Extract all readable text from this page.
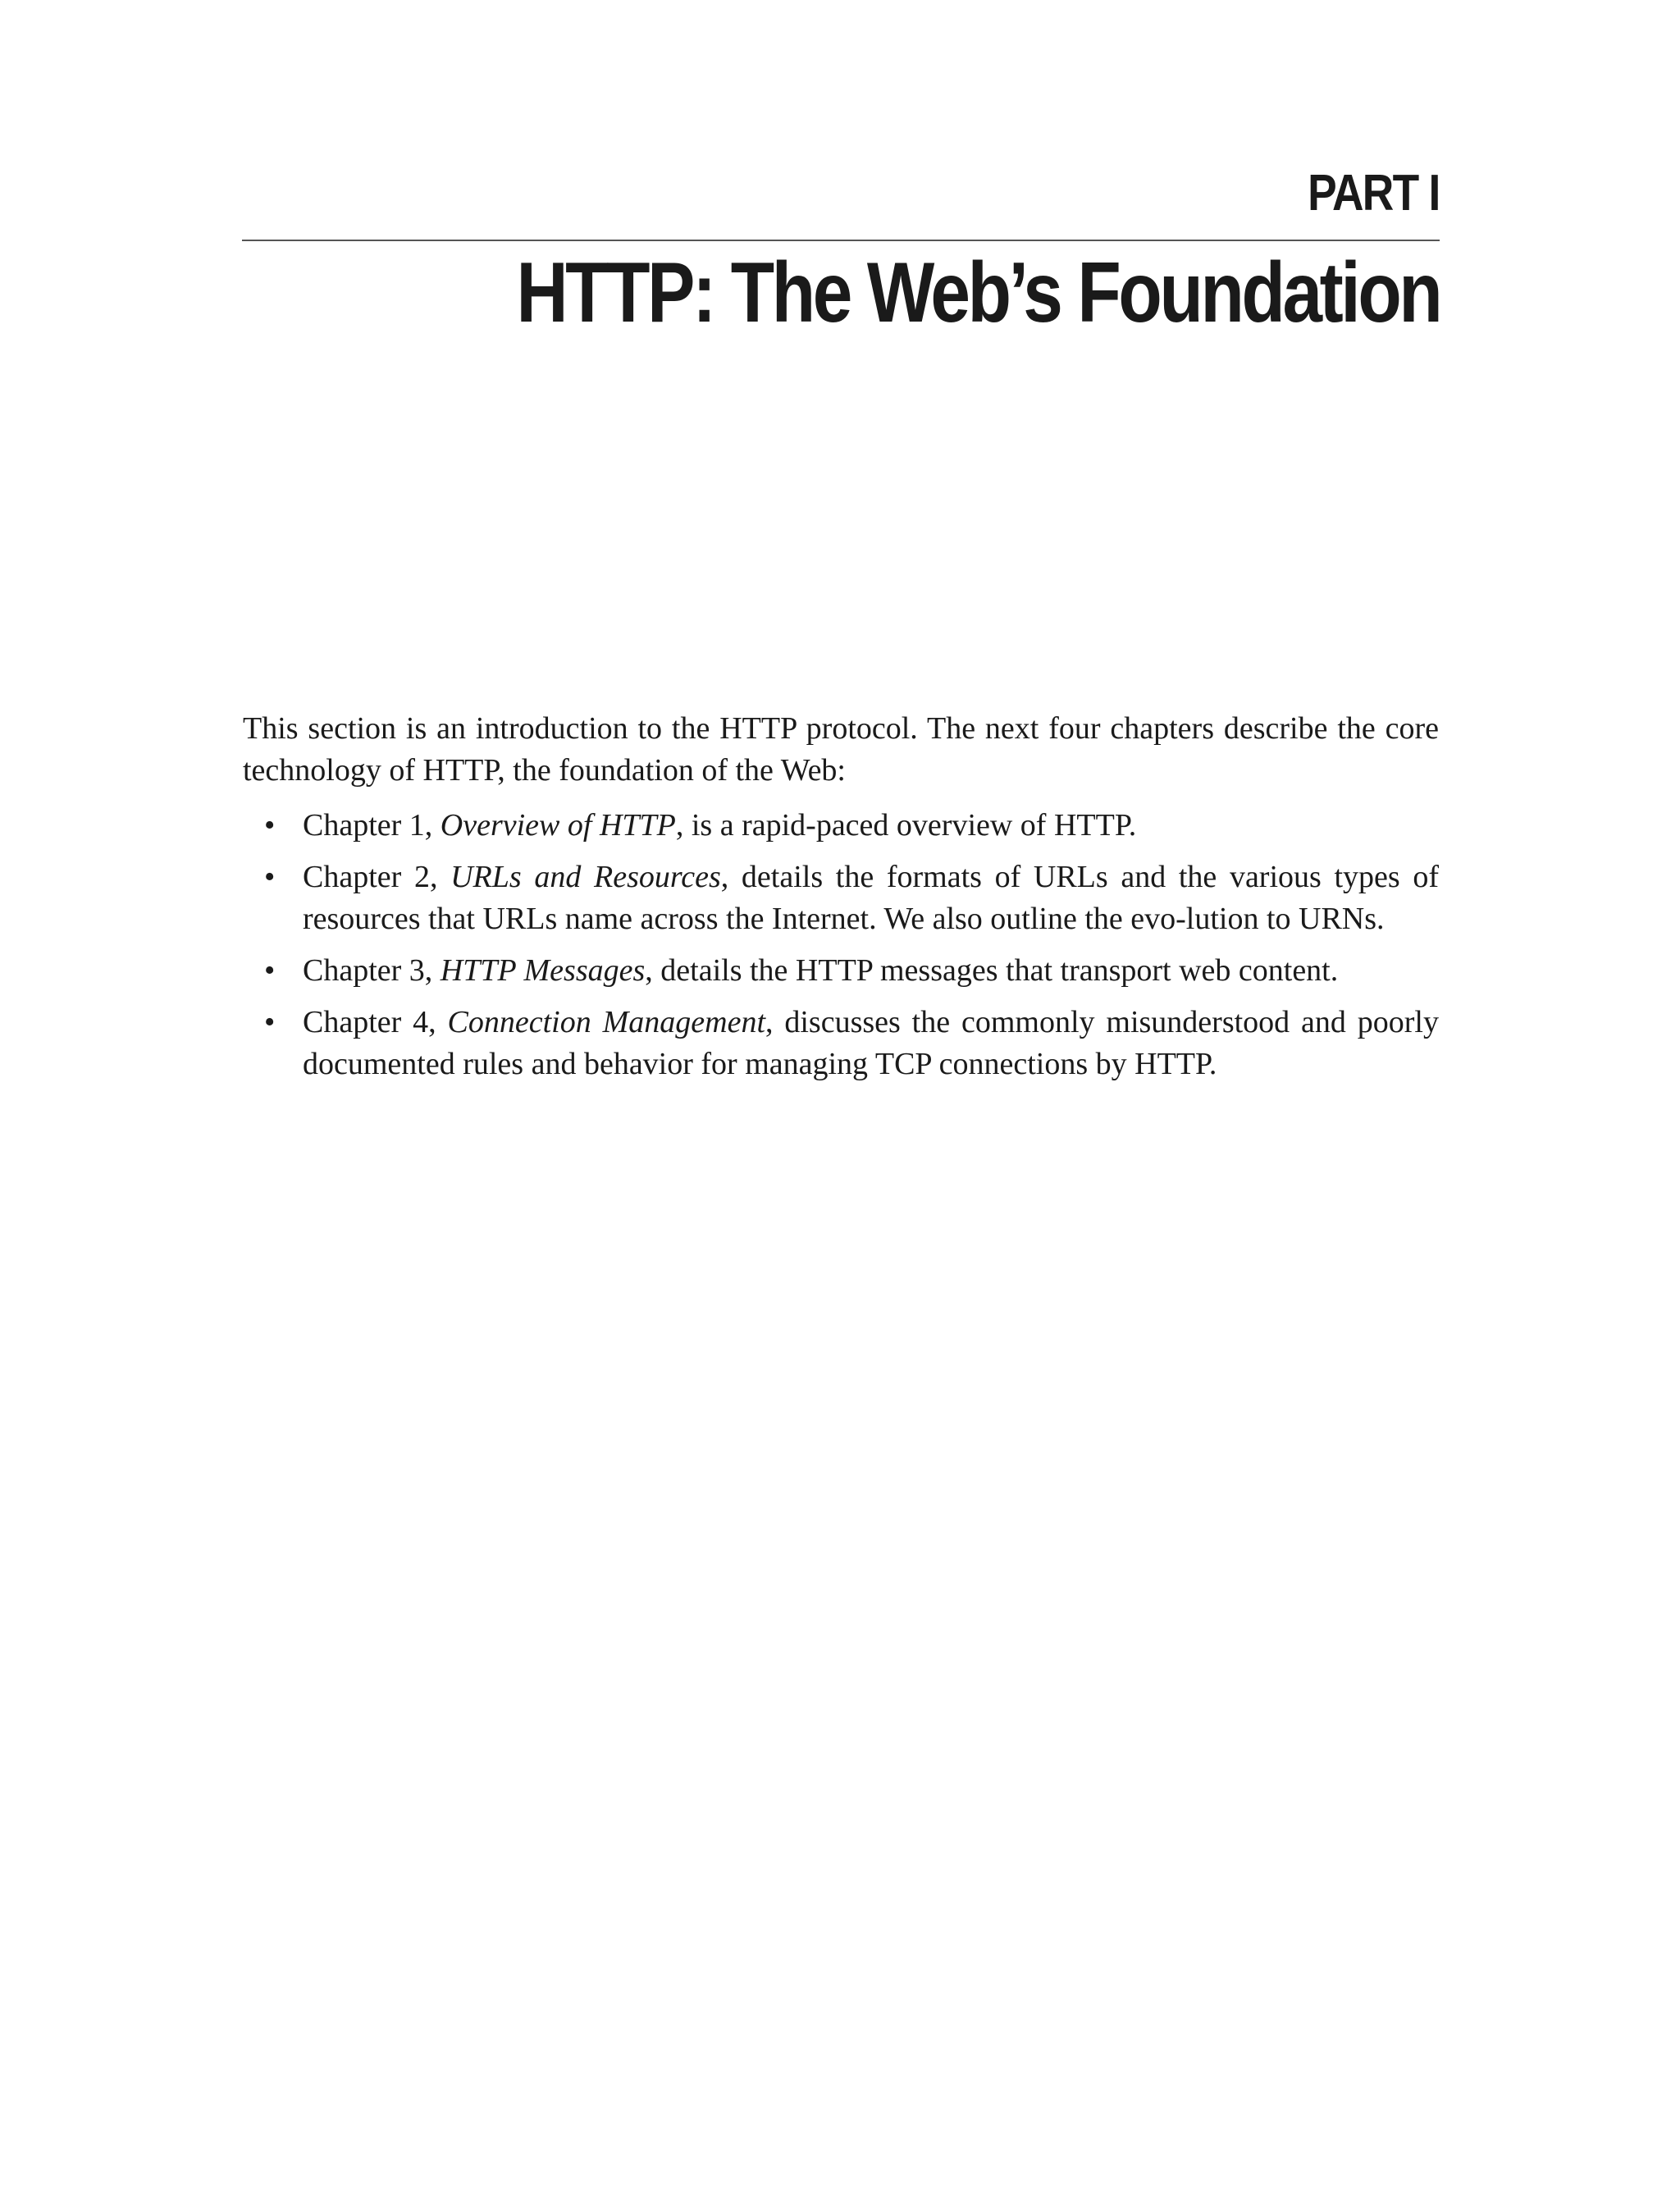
PART I
HTTP: The Web’s Foundation

This section is an introduction to the HTTP protocol. The next four chapters describe the core technology of HTTP, the foundation of the Web:

• Chapter 1, Overview of HTTP, is a rapid-paced overview of HTTP.
• Chapter 2, URLs and Resources, details the formats of URLs and the various types of resources that URLs name across the Internet. We also outline the evo-lution to URNs.
• Chapter 3, HTTP Messages, details the HTTP messages that transport web content.
• Chapter 4, Connection Management, discusses the commonly misunderstood and poorly documented rules and behavior for managing TCP connections by HTTP.
